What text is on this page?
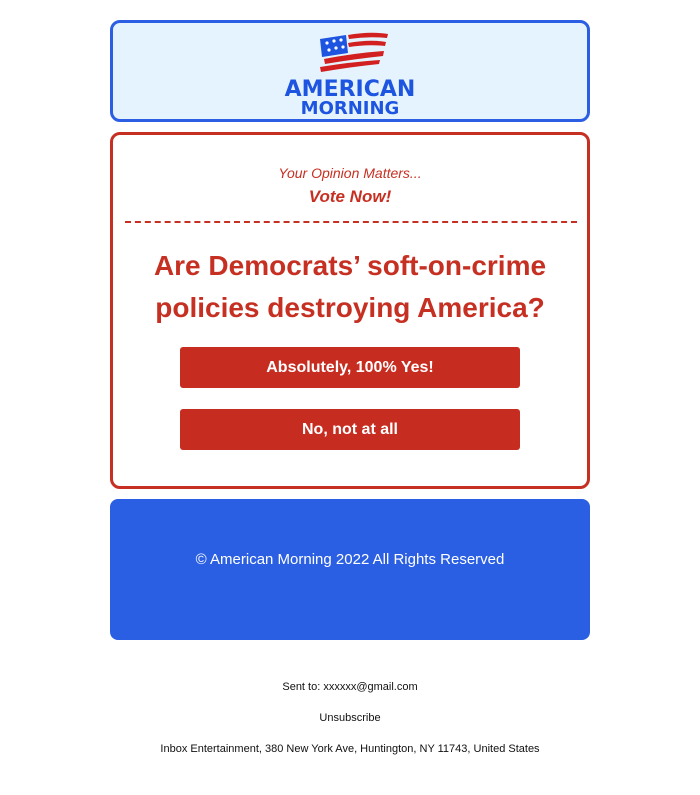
AMERICAN
MORNING
Your Opinion Matters...
Vote Now!
Are Democrats’ soft-on-crime policies destroying America?
Absolutely, 100% Yes!
No, not at all
© American Morning 2022 All Rights Reserved
Sent to: xxxxxx@gmail.com
Unsubscribe
Inbox Entertainment, 380 New York Ave, Huntington, NY 11743, United States
